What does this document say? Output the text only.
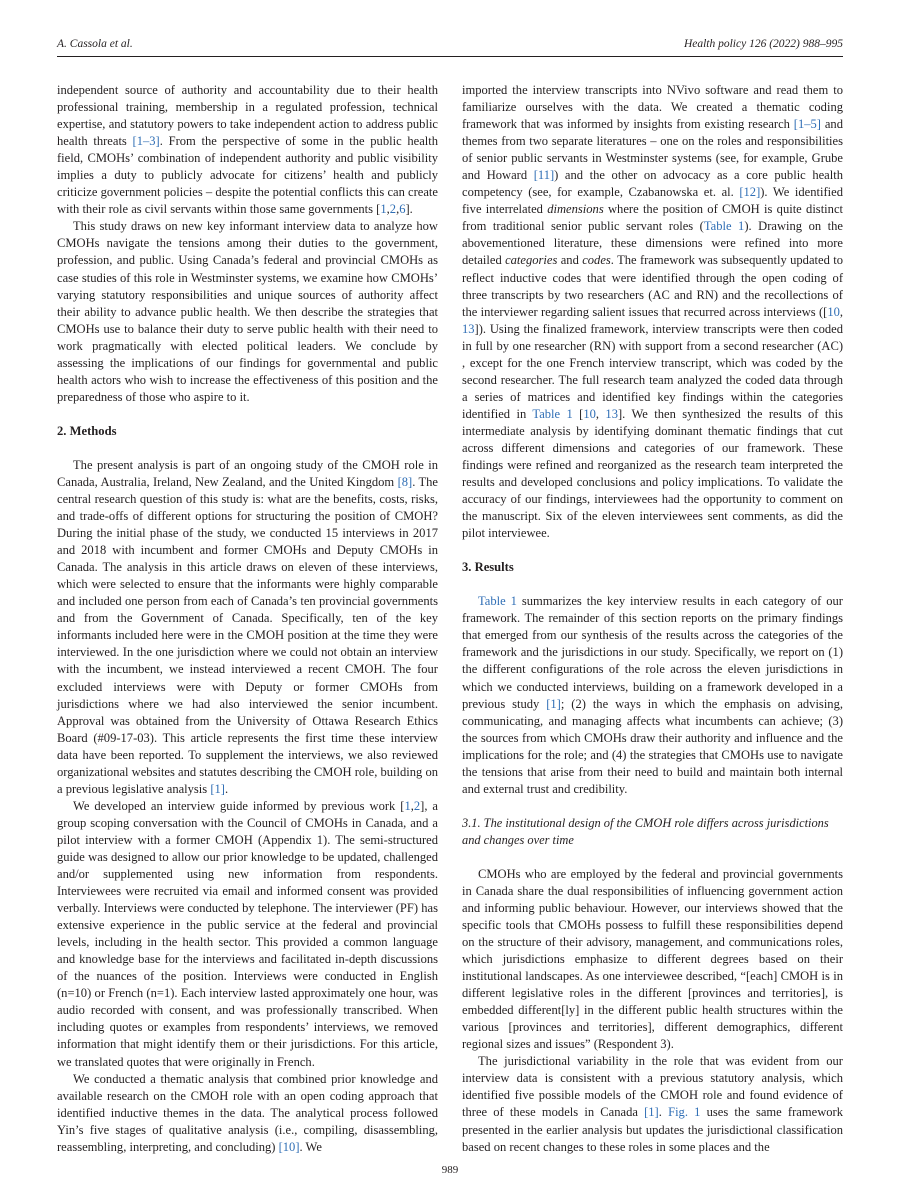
A. Cassola et al.	Health policy 126 (2022) 988–995

independent source of authority and accountability due to their health professional training, membership in a regulated profession, technical expertise, and statutory powers to take independent action to address public health threats [1–3]. From the perspective of some in the public health field, CMOHs’ combination of independent authority and public visibility implies a duty to publicly advocate for citizens’ health and publicly criticize government policies – despite the potential conflicts this can create with their role as civil servants within those same governments [1,2,6].

This study draws on new key informant interview data to analyze how CMOHs navigate the tensions among their duties to the government, profession, and public. Using Canada’s federal and provincial CMOHs as case studies of this role in Westminster systems, we examine how CMOHs’ varying statutory responsibilities and unique sources of authority affect their ability to advance public health. We then describe the strategies that CMOHs use to balance their duty to serve public health with their need to work pragmatically with elected political leaders. We conclude by assessing the implications of our findings for governmental and public health actors who wish to increase the effectiveness of this position and the preparedness of those who aspire to it.

2. Methods

The present analysis is part of an ongoing study of the CMOH role in Canada, Australia, Ireland, New Zealand, and the United Kingdom [8]. The central research question of this study is: what are the benefits, costs, risks, and trade-offs of different options for structuring the position of CMOH? During the initial phase of the study, we conducted 15 interviews in 2017 and 2018 with incumbent and former CMOHs and Deputy CMOHs in Canada. The analysis in this article draws on eleven of these interviews, which were selected to ensure that the informants were highly comparable and included one person from each of Canada’s ten provincial governments and from the Government of Canada. Specifically, ten of the key informants included here were in the CMOH position at the time they were interviewed. In the one jurisdiction where we could not obtain an interview with the incumbent, we instead interviewed a recent CMOH. The four excluded interviews were with Deputy or former CMOHs from jurisdictions where we had also interviewed the senior incumbent. Approval was obtained from the University of Ottawa Research Ethics Board (#09-17-03). This article represents the first time these interview data have been reported. To supplement the interviews, we also reviewed organizational websites and statutes describing the CMOH role, building on a previous legislative analysis [1].

We developed an interview guide informed by previous work [1,2], a group scoping conversation with the Council of CMOHs in Canada, and a pilot interview with a former CMOH (Appendix 1). The semi-structured guide was designed to allow our prior knowledge to be updated, challenged and/or supplemented using new information from respondents. Interviewees were recruited via email and informed consent was provided verbally. Interviews were conducted by telephone. The interviewer (PF) has extensive experience in the public service at the federal and provincial levels, including in the health sector. This provided a common language and knowledge base for the interviews and facilitated in-depth discussions of the nuances of the position. Interviews were conducted in English (n=10) or French (n=1). Each interview lasted approximately one hour, was audio recorded with consent, and was professionally transcribed. When including quotes or examples from respondents’ interviews, we removed information that might identify them or their jurisdictions. For this article, we translated quotes that were originally in French.

We conducted a thematic analysis that combined prior knowledge and available research on the CMOH role with an open coding approach that identified inductive themes in the data. The analytical process followed Yin’s five stages of qualitative analysis (i.e., compiling, disassembling, reassembling, interpreting, and concluding) [10]. We

imported the interview transcripts into NVivo software and read them to familiarize ourselves with the data. We created a thematic coding framework that was informed by insights from existing research [1–5] and themes from two separate literatures – one on the roles and responsibilities of senior public servants in Westminster systems (see, for example, Grube and Howard [11]) and the other on advocacy as a core public health competency (see, for example, Czabanowska et. al. [12]). We identified five interrelated dimensions where the position of CMOH is quite distinct from traditional senior public servant roles (Table 1). Drawing on the abovementioned literature, these dimensions were refined into more detailed categories and codes. The framework was subsequently updated to reflect inductive codes that were identified through the open coding of three transcripts by two researchers (AC and RN) and the recollections of the interviewer regarding salient issues that recurred across interviews ([10, 13]). Using the finalized framework, interview transcripts were then coded in full by one researcher (RN) with support from a second researcher (AC) , except for the one French interview transcript, which was coded by the second researcher. The full research team analyzed the coded data through a series of matrices and identified key findings within the categories identified in Table 1 [10, 13]. We then synthesized the results of this intermediate analysis by identifying dominant thematic findings that cut across different dimensions and categories of our framework. These findings were refined and reorganized as the research team interpreted the results and developed conclusions and policy implications. To validate the accuracy of our findings, interviewees had the opportunity to comment on the manuscript. Six of the eleven interviewees sent comments, as did the pilot interviewee.

3. Results

Table 1 summarizes the key interview results in each category of our framework. The remainder of this section reports on the primary findings that emerged from our synthesis of the results across the categories of the framework and the jurisdictions in our study. Specifically, we report on (1) the different configurations of the role across the eleven jurisdictions in which we conducted interviews, building on a framework developed in a previous study [1]; (2) the ways in which the emphasis on advising, communicating, and managing affects what incumbents can achieve; (3) the sources from which CMOHs draw their authority and influence and the implications for the role; and (4) the strategies that CMOHs use to navigate the tensions that arise from their need to build and maintain both internal and external trust and credibility.

3.1. The institutional design of the CMOH role differs across jurisdictions and changes over time

CMOHs who are employed by the federal and provincial governments in Canada share the dual responsibilities of influencing government action and informing public behaviour. However, our interviews showed that the specific tools that CMOHs possess to fulfill these responsibilities depend on the structure of their advisory, management, and communications roles, which jurisdictions emphasize to different degrees based on their institutional landscapes. As one interviewee described, “[each] CMOH is in different legislative roles in the different [provinces and territories], is embedded different[ly] in the different public health structures within the various [provinces and territories], different demographics, different regional sizes and issues” (Respondent 3).

The jurisdictional variability in the role that was evident from our interview data is consistent with a previous statutory analysis, which identified five possible models of the CMOH role and found evidence of three of these models in Canada [1]. Fig. 1 uses the same framework presented in the earlier analysis but updates the jurisdictional classification based on recent changes to these roles in some places and the

989
